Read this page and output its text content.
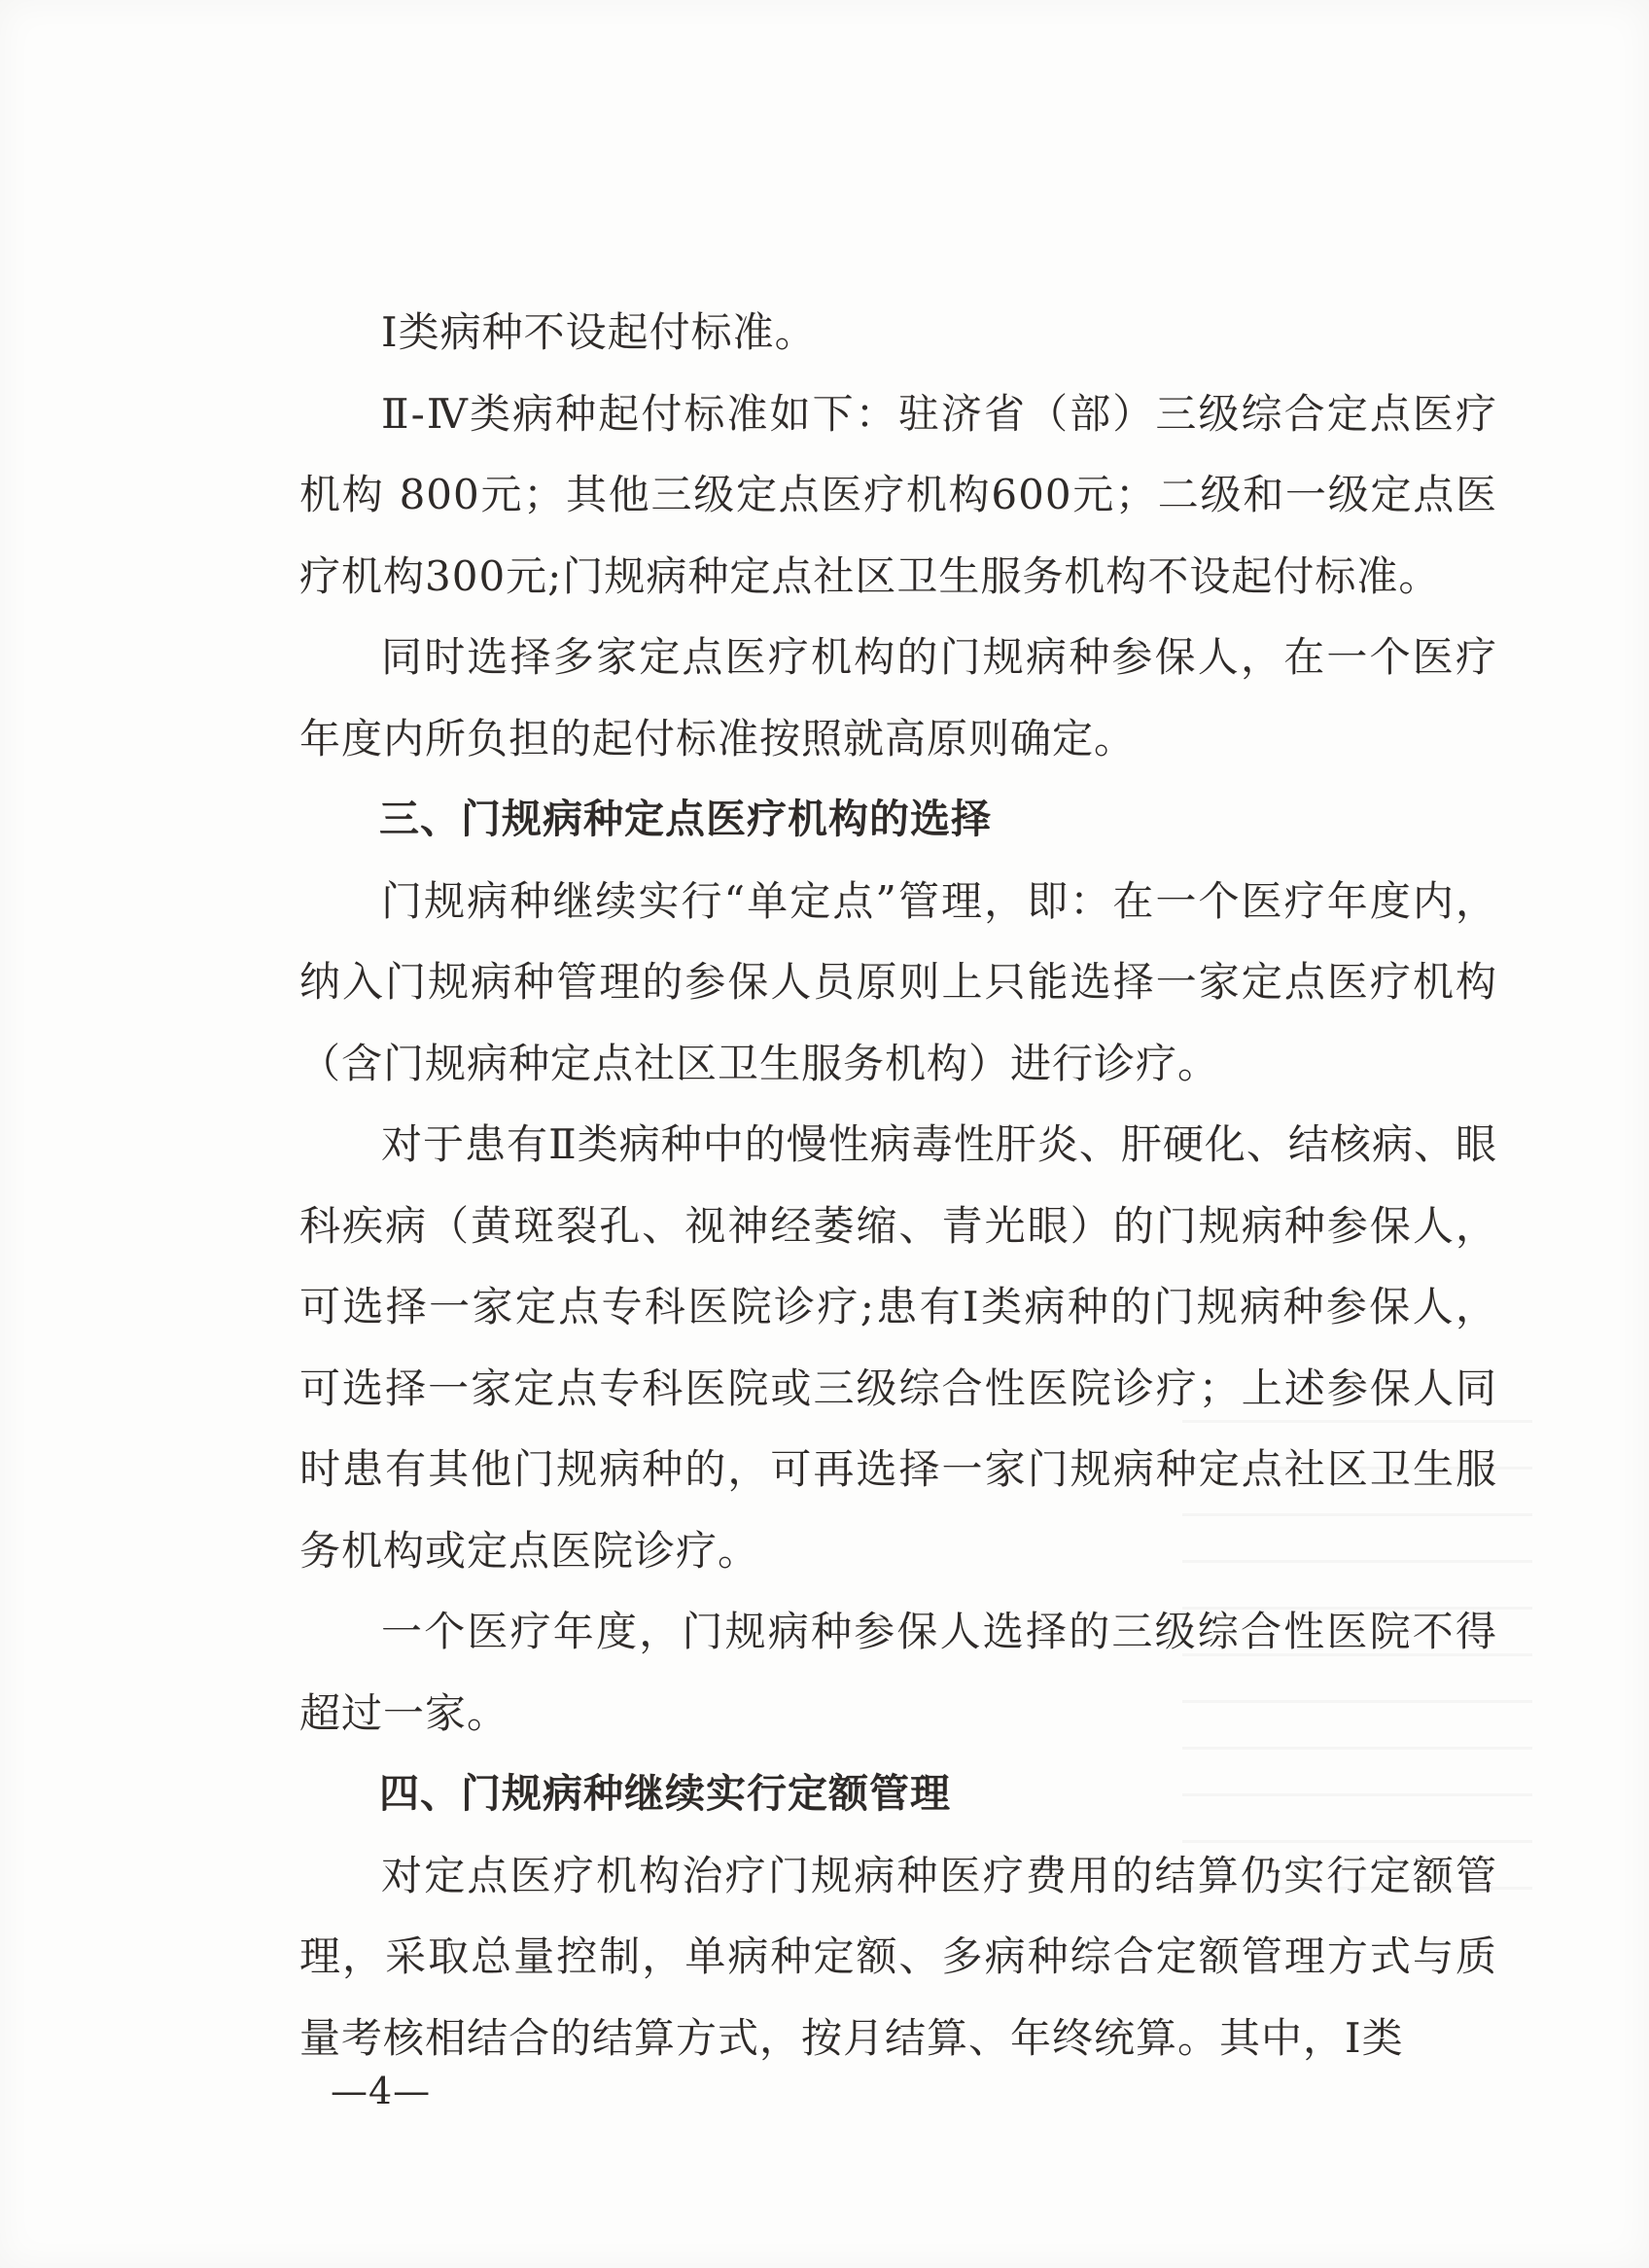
Ⅰ类病种不设起付标准。

Ⅱ-Ⅳ类病种起付标准如下：驻济省（部）三级综合定点医疗机构 800元；其他三级定点医疗机构600元；二级和一级定点医疗机构300元;门规病种定点社区卫生服务机构不设起付标准。

同时选择多家定点医疗机构的门规病种参保人，在一个医疗年度内所负担的起付标准按照就高原则确定。

三、门规病种定点医疗机构的选择

门规病种继续实行“单定点”管理，即：在一个医疗年度内，纳入门规病种管理的参保人员原则上只能选择一家定点医疗机构（含门规病种定点社区卫生服务机构）进行诊疗。

对于患有Ⅱ类病种中的慢性病毒性肝炎、肝硬化、结核病、眼科疾病（黄斑裂孔、视神经萎缩、青光眼）的门规病种参保人，可选择一家定点专科医院诊疗;患有Ⅰ类病种的门规病种参保人，可选择一家定点专科医院或三级综合性医院诊疗；上述参保人同时患有其他门规病种的，可再选择一家门规病种定点社区卫生服务机构或定点医院诊疗。

一个医疗年度，门规病种参保人选择的三级综合性医院不得超过一家。

四、门规病种继续实行定额管理

对定点医疗机构治疗门规病种医疗费用的结算仍实行定额管理，采取总量控制，单病种定额、多病种综合定额管理方式与质量考核相结合的结算方式，按月结算、年终统算。其中，Ⅰ类

—4—
